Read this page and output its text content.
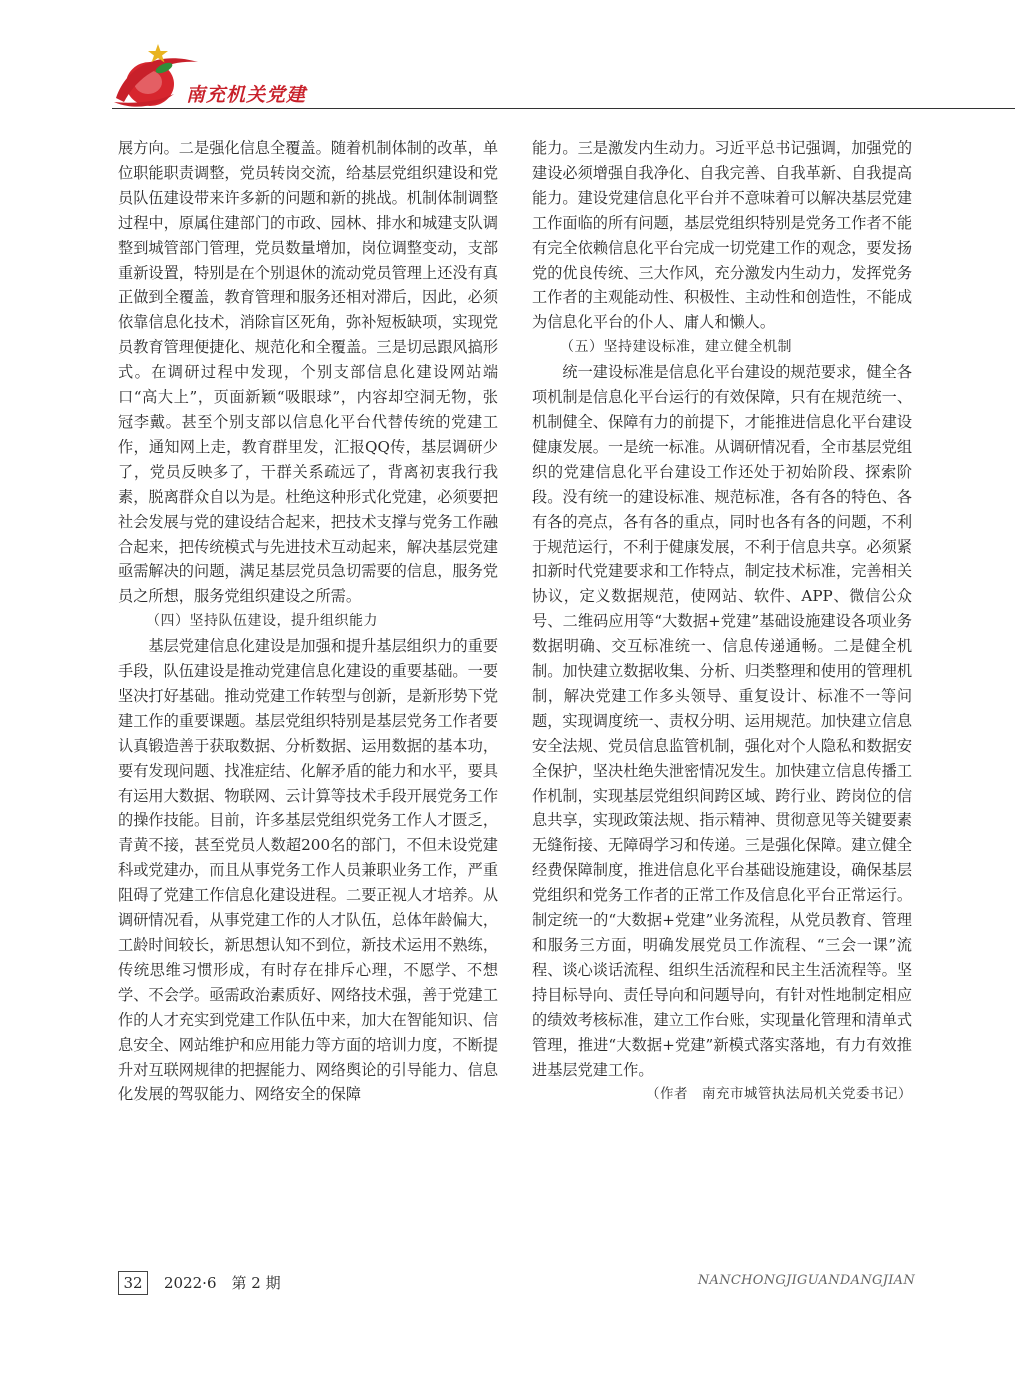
南充机关党建

展方向。二是强化信息全覆盖。随着机制体制的改革，单位职能职责调整，党员转岗交流，给基层党组织建设和党员队伍建设带来许多新的问题和新的挑战。机制体制调整过程中，原属住建部门的市政、园林、排水和城建支队调整到城管部门管理，党员数量增加，岗位调整变动，支部重新设置，特别是在个别退休的流动党员管理上还没有真正做到全覆盖，教育管理和服务还相对滞后，因此，必须依靠信息化技术，消除盲区死角，弥补短板缺项，实现党员教育管理便捷化、规范化和全覆盖。三是切忌跟风搞形式。在调研过程中发现，个别支部信息化建设网站端口“高大上”，页面新颖“吸眼球”，内容却空洞无物，张冠李戴。甚至个别支部以信息化平台代替传统的党建工作，通知网上走，教育群里发，汇报QQ传，基层调研少了，党员反映多了，干群关系疏远了，背离初衷我行我素，脱离群众自以为是。杜绝这种形式化党建，必须要把社会发展与党的建设结合起来，把技术支撑与党务工作融合起来，把传统模式与先进技术互动起来，解决基层党建亟需解决的问题，满足基层党员急切需要的信息，服务党员之所想，服务党组织建设之所需。

（四）坚持队伍建设，提升组织能力

基层党建信息化建设是加强和提升基层组织力的重要手段，队伍建设是推动党建信息化建设的重要基础。一要坚决打好基础。推动党建工作转型与创新，是新形势下党建工作的重要课题。基层党组织特别是基层党务工作者要认真锻造善于获取数据、分析数据、运用数据的基本功，要有发现问题、找准症结、化解矛盾的能力和水平，要具有运用大数据、物联网、云计算等技术手段开展党务工作的操作技能。目前，许多基层党组织党务工作人才匮乏，青黄不接，甚至党员人数超200名的部门，不但未设党建科或党建办，而且从事党务工作人员兼职业务工作，严重阻碍了党建工作信息化建设进程。二要正视人才培养。从调研情况看，从事党建工作的人才队伍，总体年龄偏大，工龄时间较长，新思想认知不到位，新技术运用不熟练，传统思维习惯形成，有时存在排斥心理，不愿学、不想学、不会学。亟需政治素质好、网络技术强，善于党建工作的人才充实到党建工作队伍中来，加大在智能知识、信息安全、网站维护和应用能力等方面的培训力度，不断提升对互联网规律的把握能力、网络舆论的引导能力、信息化发展的驾驭能力、网络安全的保障

能力。三是激发内生动力。习近平总书记强调，加强党的建设必须增强自我净化、自我完善、自我革新、自我提高能力。建设党建信息化平台并不意味着可以解决基层党建工作面临的所有问题，基层党组织特别是党务工作者不能有完全依赖信息化平台完成一切党建工作的观念，要发扬党的优良传统、三大作风，充分激发内生动力，发挥党务工作者的主观能动性、积极性、主动性和创造性，不能成为信息化平台的仆人、庸人和懒人。

（五）坚持建设标准，建立健全机制

统一建设标准是信息化平台建设的规范要求，健全各项机制是信息化平台运行的有效保障，只有在规范统一、机制健全、保障有力的前提下，才能推进信息化平台建设健康发展。一是统一标准。从调研情况看，全市基层党组织的党建信息化平台建设工作还处于初始阶段、探索阶段。没有统一的建设标准、规范标准，各有各的特色、各有各的亮点，各有各的重点，同时也各有各的问题，不利于规范运行，不利于健康发展，不利于信息共享。必须紧扣新时代党建要求和工作特点，制定技术标准，完善相关协议，定义数据规范，使网站、软件、APP、微信公众号、二维码应用等“大数据+党建”基础设施建设各项业务数据明确、交互标准统一、信息传递通畅。二是健全机制。加快建立数据收集、分析、归类整理和使用的管理机制，解决党建工作多头领导、重复设计、标准不一等问题，实现调度统一、责权分明、运用规范。加快建立信息安全法规、党员信息监管机制，强化对个人隐私和数据安全保护，坚决杜绝失泄密情况发生。加快建立信息传播工作机制，实现基层党组织间跨区域、跨行业、跨岗位的信息共享，实现政策法规、指示精神、贯彻意见等关键要素无缝衔接、无障碍学习和传递。三是强化保障。建立健全经费保障制度，推进信息化平台基础设施建设，确保基层党组织和党务工作者的正常工作及信息化平台正常运行。制定统一的“大数据+党建”业务流程，从党员教育、管理和服务三方面，明确发展党员工作流程、“三会一课”流程、谈心谈话流程、组织生活流程和民主生活流程等。坚持目标导向、责任导向和问题导向，有针对性地制定相应的绩效考核标准，建立工作台账，实现量化管理和清单式管理，推进“大数据+党建”新模式落实落地，有力有效推进基层党建工作。

（作者　南充市城管执法局机关党委书记）
32	2022·6　第 2 期	NANCHONGJIGUANDANGJIAN
